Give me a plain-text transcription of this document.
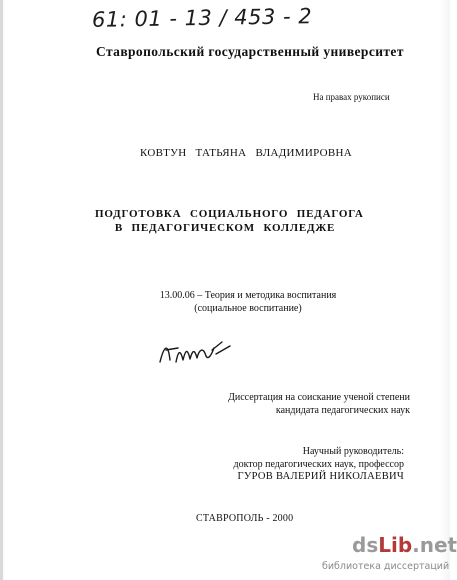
61: 01 - 13 / 453 - 2
Ставропольский государственный университет
На правах рукописи
КОВТУН ТАТЬЯНА ВЛАДИМИРОВНА
ПОДГОТОВКА СОЦИАЛЬНОГО ПЕДАГОГА
В ПЕДАГОГИЧЕСКОМ КОЛЛЕДЖЕ
13.00.06 – Теория и методика воспитания
(социальное воспитание)
Диссертация на соискание ученой степени
кандидата педагогических наук
Научный руководитель:
доктор педагогических наук, профессор
ГУРОВ ВАЛЕРИЙ НИКОЛАЕВИЧ
СТАВРОПОЛЬ - 2000
dsLib.net
библиотека диссертаций
